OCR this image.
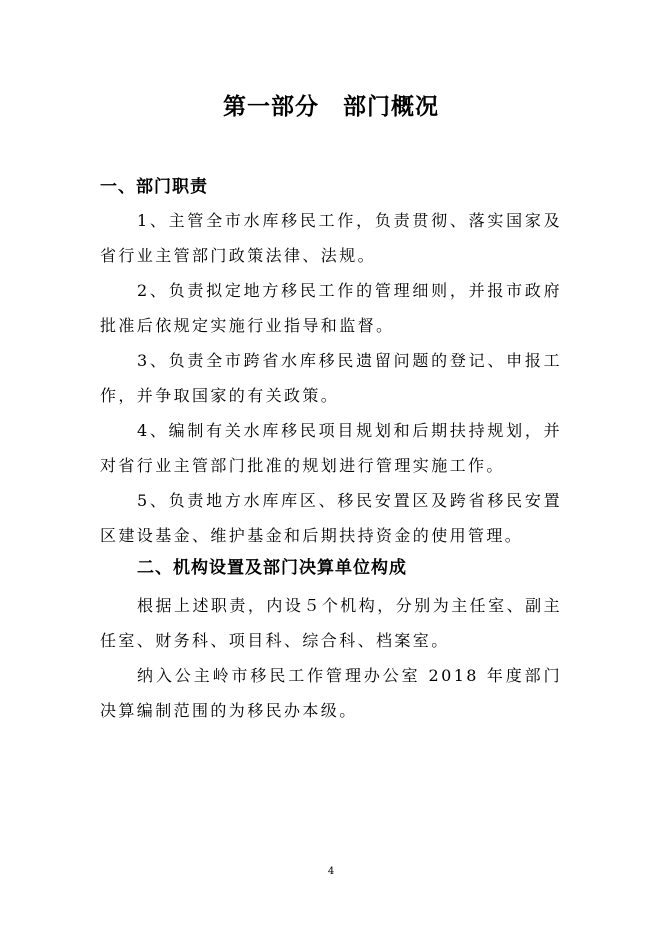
第一部分　部门概况
一、部门职责

1、主管全市水库移民工作，负责贯彻、落实国家及省行业主管部门政策法律、法规。

2、负责拟定地方移民工作的管理细则，并报市政府批准后依规定实施行业指导和监督。

3、负责全市跨省水库移民遗留问题的登记、申报工作，并争取国家的有关政策。

4、编制有关水库移民项目规划和后期扶持规划，并对省行业主管部门批准的规划进行管理实施工作。

5、负责地方水库库区、移民安置区及跨省移民安置区建设基金、维护基金和后期扶持资金的使用管理。

二、机构设置及部门决算单位构成

根据上述职责，内设５个机构，分别为主任室、副主任室、财务科、项目科、综合科、档案室。

纳入公主岭市移民工作管理办公室 2018 年度部门决算编制范围的为移民办本级。

4
